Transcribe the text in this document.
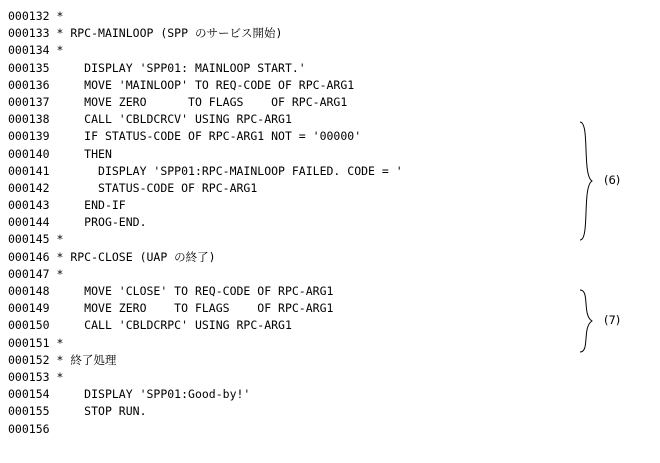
000132 *
000133 * RPC-MAINLOOP (SPP のサービス開始)
000134 *
000135     DISPLAY 'SPP01: MAINLOOP START.'
000136     MOVE 'MAINLOOP' TO REQ-CODE OF RPC-ARG1
000137     MOVE ZERO      TO FLAGS    OF RPC-ARG1
000138     CALL 'CBLDCRCV' USING RPC-ARG1
000139     IF STATUS-CODE OF RPC-ARG1 NOT = '00000'
000140     THEN
000141       DISPLAY 'SPP01:RPC-MAINLOOP FAILED. CODE = '
000142       STATUS-CODE OF RPC-ARG1
000143     END-IF
000144     PROG-END.
000145 *
000146 * RPC-CLOSE (UAP の終了)
000147 *
000148     MOVE 'CLOSE' TO REQ-CODE OF RPC-ARG1
000149     MOVE ZERO    TO FLAGS    OF RPC-ARG1
000150     CALL 'CBLDCRPC' USING RPC-ARG1
000151 *
000152 * 終了処理
000153 *
000154     DISPLAY 'SPP01:Good-by!'
000155     STOP RUN.
000156
(6)
(7)
